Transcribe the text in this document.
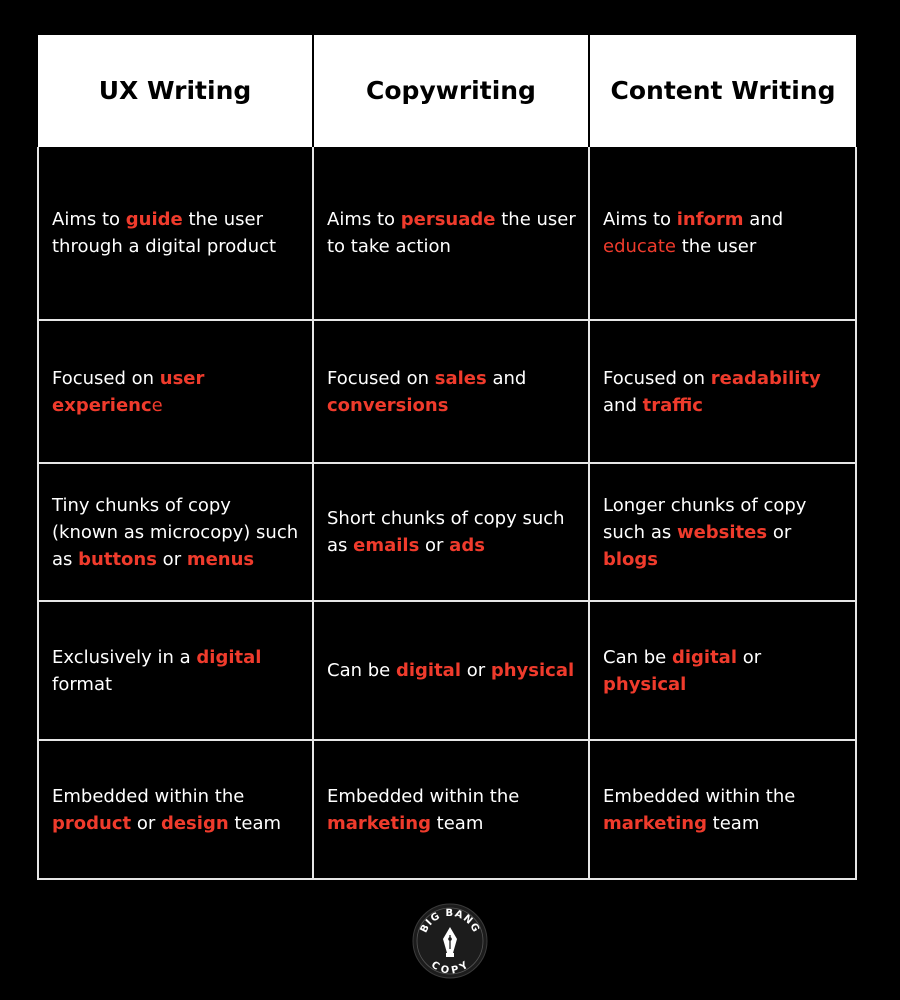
UX Writing	Copywriting	Content Writing
Aims to guide the user through a digital product	Aims to persuade the user to take action	Aims to inform and educate the user
Focused on user experience	Focused on sales and conversions	Focused on readability and traffic
Tiny chunks of copy (known as microcopy) such as buttons or menus	Short chunks of copy such as emails or ads	Longer chunks of copy such as websites or blogs
Exclusively in a digital format	Can be digital or physical	Can be digital or physical
Embedded within the product or design team	Embedded within the marketing team	Embedded within the marketing team
BIG BANG
COPY
